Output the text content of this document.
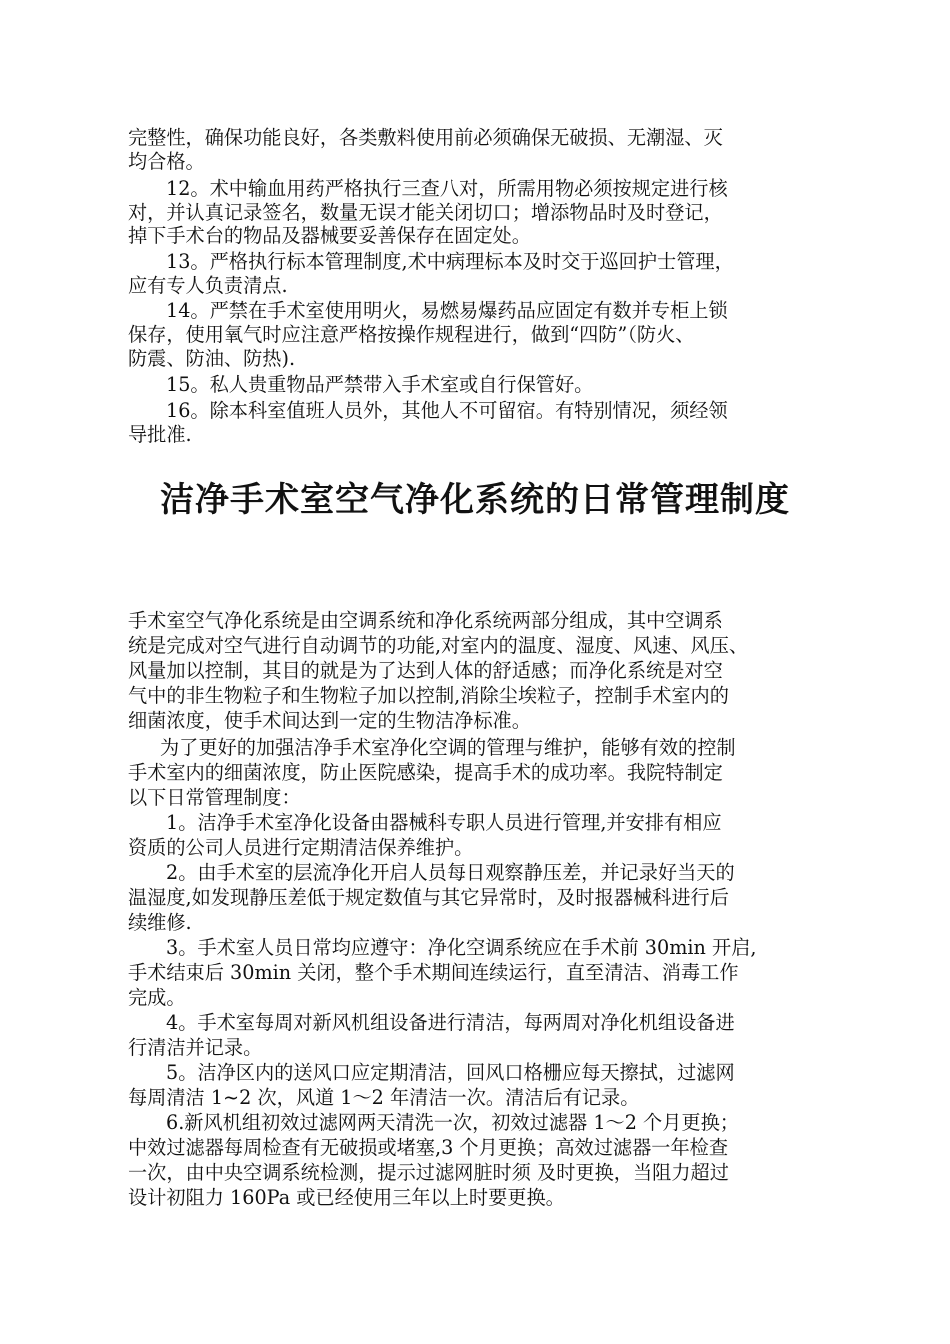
完整性，确保功能良好，各类敷料使用前必须确保无破损、无潮湿、灭
均合格。
12。术中输血用药严格执行三查八对，所需用物必须按规定进行核
对，并认真记录签名，数量无误才能关闭切口；增添物品时及时登记，
掉下手术台的物品及器械要妥善保存在固定处。
13。严格执行标本管理制度,术中病理标本及时交于巡回护士管理，
应有专人负责清点.
14。严禁在手术室使用明火，易燃易爆药品应固定有数并专柜上锁
保存，使用氧气时应注意严格按操作规程进行，做到“四防”（防火、
防震、防油、防热).
15。私人贵重物品严禁带入手术室或自行保管好。
16。除本科室值班人员外，其他人不可留宿。有特别情况，须经领
导批准.
洁净手术室空气净化系统的日常管理制度
手术室空气净化系统是由空调系统和净化系统两部分组成，其中空调系
统是完成对空气进行自动调节的功能,对室内的温度、湿度、风速、风压、
风量加以控制，其目的就是为了达到人体的舒适感；而净化系统是对空
气中的非生物粒子和生物粒子加以控制,消除尘埃粒子，控制手术室内的
细菌浓度，使手术间达到一定的生物洁净标准。
为了更好的加强洁净手术室净化空调的管理与维护，能够有效的控制
手术室内的细菌浓度，防止医院感染，提高手术的成功率。我院特制定
以下日常管理制度：
1。洁净手术室净化设备由器械科专职人员进行管理,并安排有相应
资质的公司人员进行定期清洁保养维护。
2。由手术室的层流净化开启人员每日观察静压差，并记录好当天的
温湿度,如发现静压差低于规定数值与其它异常时，及时报器械科进行后
续维修.
3。手术室人员日常均应遵守：净化空调系统应在手术前 30min 开启,
手术结束后 30min 关闭，整个手术期间连续运行，直至清洁、消毒工作
完成。
4。手术室每周对新风机组设备进行清洁，每两周对净化机组设备进
行清洁并记录。
5。洁净区内的送风口应定期清洁，回风口格栅应每天擦拭，过滤网
每周清洁 1~2 次，风道 1～2 年清洁一次。清洁后有记录。
6.新风机组初效过滤网两天清洗一次，初效过滤器 1～2 个月更换；
中效过滤器每周检查有无破损或堵塞,3 个月更换；高效过滤器一年检查
一次，由中央空调系统检测，提示过滤网脏时须 及时更换，当阻力超过
设计初阻力 160Pa 或已经使用三年以上时要更换。
